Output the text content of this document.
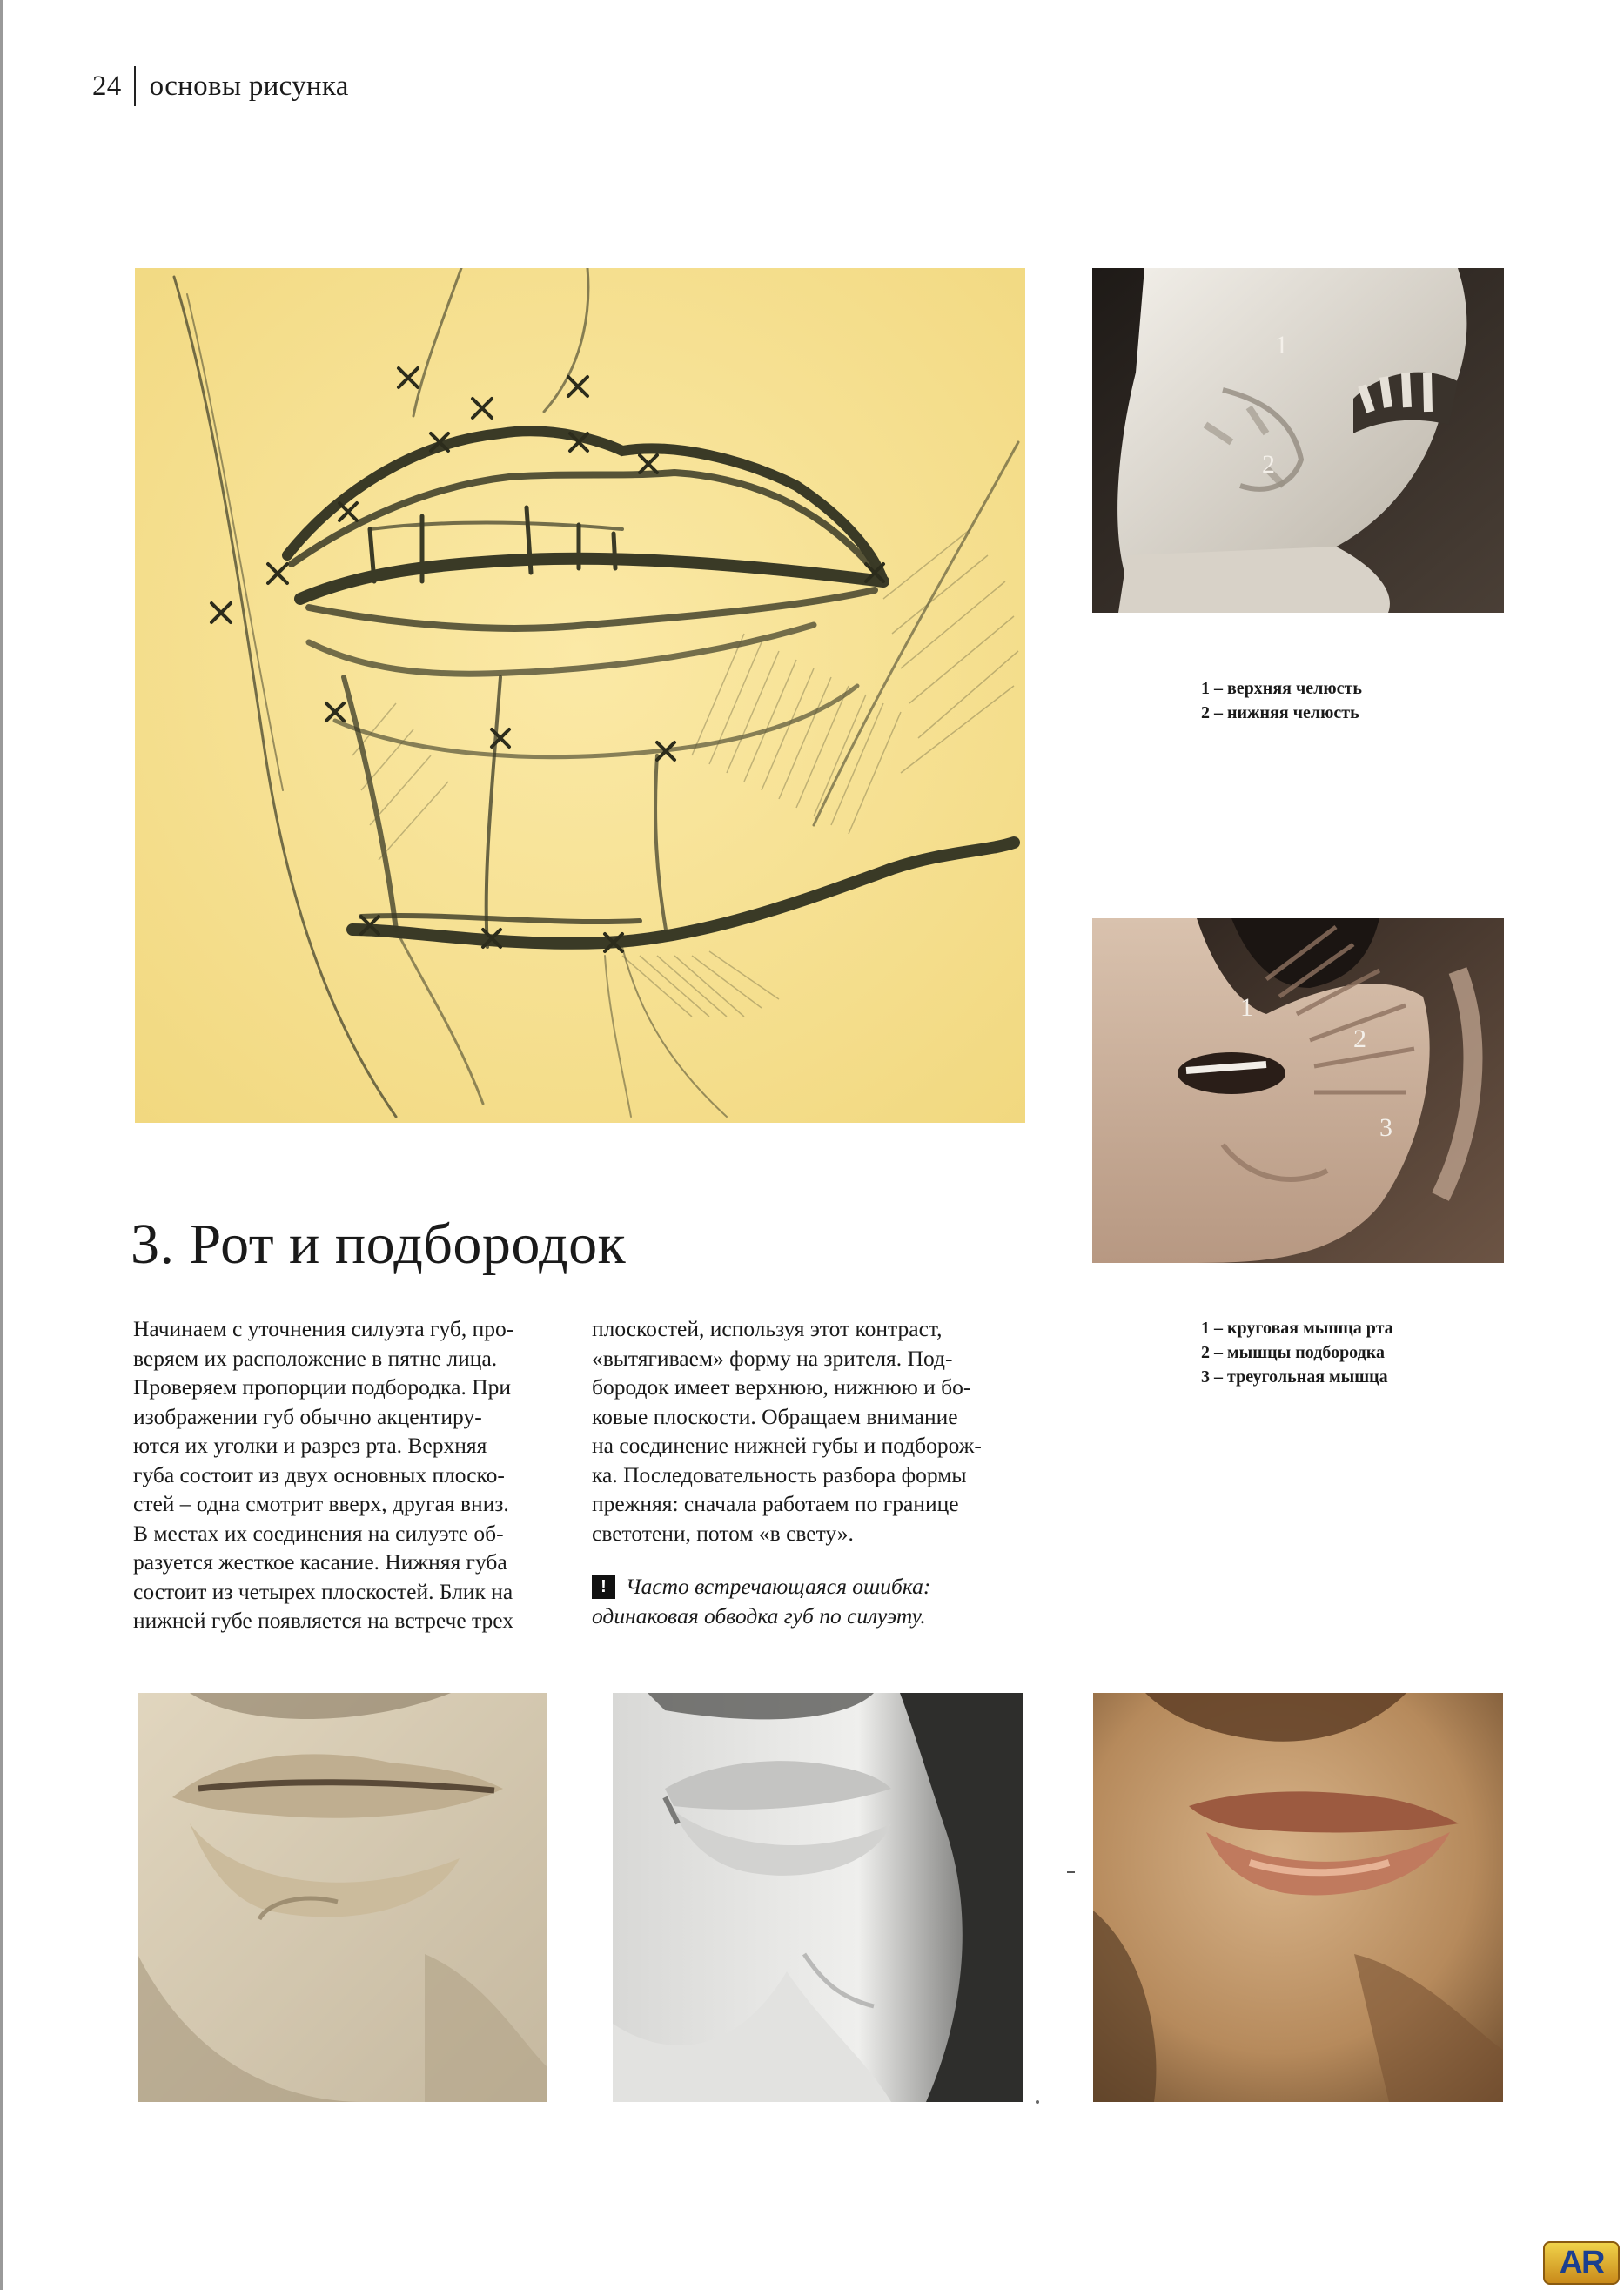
24 основы рисунка
1
2
1 – верхняя челюсть
2 – нижняя челюсть
1
2
3
1 – круговая мышца рта
2 – мышцы подбородка
3 – треугольная мышца
3. Рот и подбородок

Начинаем с уточнения силуэта губ, про-

веряем их расположение в пятне лица.

Проверяем пропорции подбородка. При

изображении губ обычно акцентиру-

ются их уголки и разрез рта. Верхняя

губа состоит из двух основных плоско-

стей – одна смотрит вверх, другая вниз.

В местах их соединения на силуэте об-

разуется жесткое касание. Нижняя губа

состоит из четырех плоскостей. Блик на

нижней губе появляется на встрече трех

плоскостей, используя этот контраст,

«вытягиваем» форму на зрителя. Под-

бородок имеет верхнюю, нижнюю и бо-

ковые плоскости. Обращаем внимание

на соединение нижней губы и подборож-

ка. Последовательность разбора формы

прежняя: сначала работаем по границе

светотени, потом «в свету».

! Часто встречающаяся ошибка:
одинаковая обводка губ по силуэту.
AR
